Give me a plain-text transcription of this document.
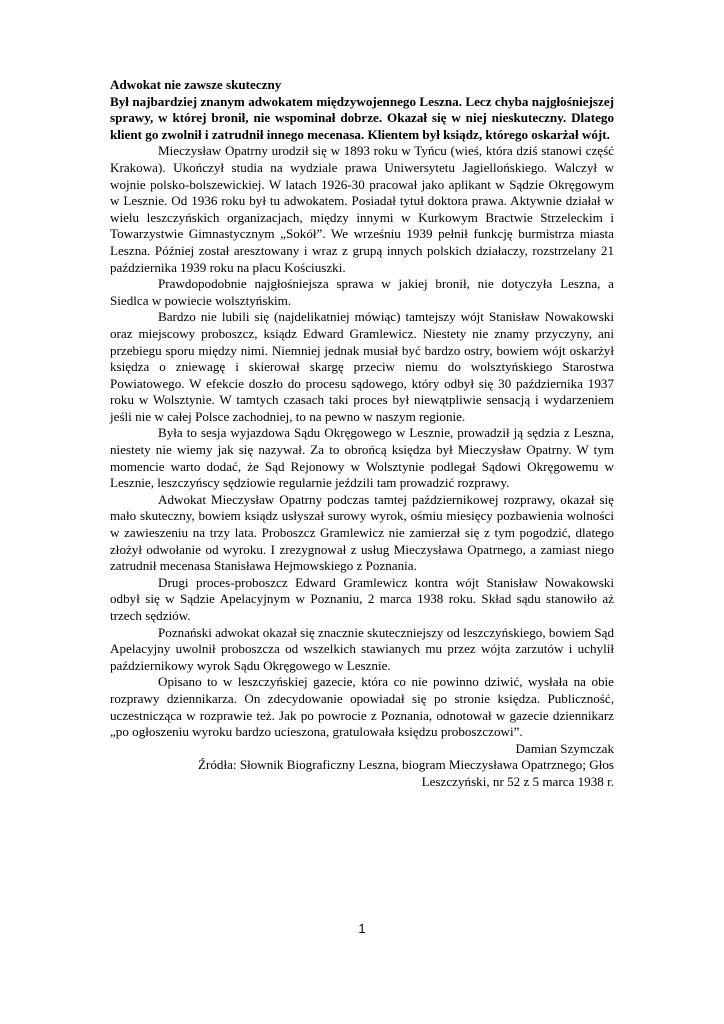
Adwokat nie zawsze skuteczny

Był najbardziej znanym adwokatem międzywojennego Leszna. Lecz chyba najgłośniejszej sprawy, w której bronił, nie wspominał dobrze. Okazał się w niej nieskuteczny. Dlatego klient go zwolnił i zatrudnił innego mecenasa. Klientem był ksiądz, którego oskarżał wójt.

Mieczysław Opatrny urodził się w 1893 roku w Tyńcu (wieś, która dziś stanowi część Krakowa). Ukończył studia na wydziale prawa Uniwersytetu Jagiellońskiego. Walczył w wojnie polsko-bolszewickiej. W latach 1926-30 pracował jako aplikant w Sądzie Okręgowym w Lesznie. Od 1936 roku był tu adwokatem. Posiadał tytuł doktora prawa. Aktywnie działał w wielu leszczyńskich organizacjach, między innymi w Kurkowym Bractwie Strzeleckim i Towarzystwie Gimnastycznym „Sokół”. We wrześniu 1939 pełnił funkcję burmistrza miasta Leszna. Później został aresztowany i wraz z grupą innych polskich działaczy, rozstrzelany 21 października 1939 roku na placu Kościuszki.

Prawdopodobnie najgłośniejsza sprawa w jakiej bronił, nie dotyczyła Leszna, a Siedlca w powiecie wolsztyńskim.

Bardzo nie lubili się (najdelikatniej mówiąc) tamtejszy wójt Stanisław Nowakowski oraz miejscowy proboszcz, ksiądz Edward Gramlewicz. Niestety nie znamy przyczyny, ani przebiegu sporu między nimi. Niemniej jednak musiał być bardzo ostry, bowiem wójt oskarżył księdza o zniewagę i skierował skargę przeciw niemu do wolsztyńskiego Starostwa Powiatowego. W efekcie doszło do procesu sądowego, który odbył się 30 października 1937 roku w Wolsztynie. W tamtych czasach taki proces był niewątpliwie sensacją i wydarzeniem jeśli nie w całej Polsce zachodniej, to na pewno w naszym regionie.

Była to sesja wyjazdowa Sądu Okręgowego w Lesznie, prowadził ją sędzia z Leszna, niestety nie wiemy jak się nazywał. Za to obrońcą księdza był Mieczysław Opatrny. W tym momencie warto dodać, że Sąd Rejonowy w Wolsztynie podlegał Sądowi Okręgowemu w Lesznie, leszczyńscy sędziowie regularnie jeździli tam prowadzić rozprawy.

Adwokat Mieczysław Opatrny podczas tamtej październikowej rozprawy, okazał się mało skuteczny, bowiem ksiądz usłyszał surowy wyrok, ośmiu miesięcy pozbawienia wolności w zawieszeniu na trzy lata. Proboszcz Gramlewicz nie zamierzał się z tym pogodzić, dlatego złożył odwołanie od wyroku. I zrezygnował z usług Mieczysława Opatrnego, a zamiast niego zatrudnił mecenasa Stanisława Hejmowskiego z Poznania.

Drugi proces-proboszcz Edward Gramlewicz kontra wójt Stanisław Nowakowski odbył się w Sądzie Apelacyjnym w Poznaniu, 2 marca 1938 roku. Skład sądu stanowiło aż trzech sędziów.

Poznański adwokat okazał się znacznie skuteczniejszy od leszczyńskiego, bowiem Sąd Apelacyjny uwolnił proboszcza od wszelkich stawianych mu przez wójta zarzutów i uchylił październikowy wyrok Sądu Okręgowego w Lesznie.

Opisano to w leszczyńskiej gazecie, która co nie powinno dziwić, wysłała na obie rozprawy dziennikarza. On zdecydowanie opowiadał się po stronie księdza. Publiczność, uczestnicząca w rozprawie też. Jak po powrocie z Poznania, odnotował w gazecie dziennikarz „po ogłoszeniu wyroku bardzo ucieszona, gratulowała księdzu proboszczowi”.

Damian Szymczak

Źródła: Słownik Biograficzny Leszna, biogram Mieczysława Opatrznego; Głos

Leszczyński, nr 52 z 5 marca 1938 r.

1
